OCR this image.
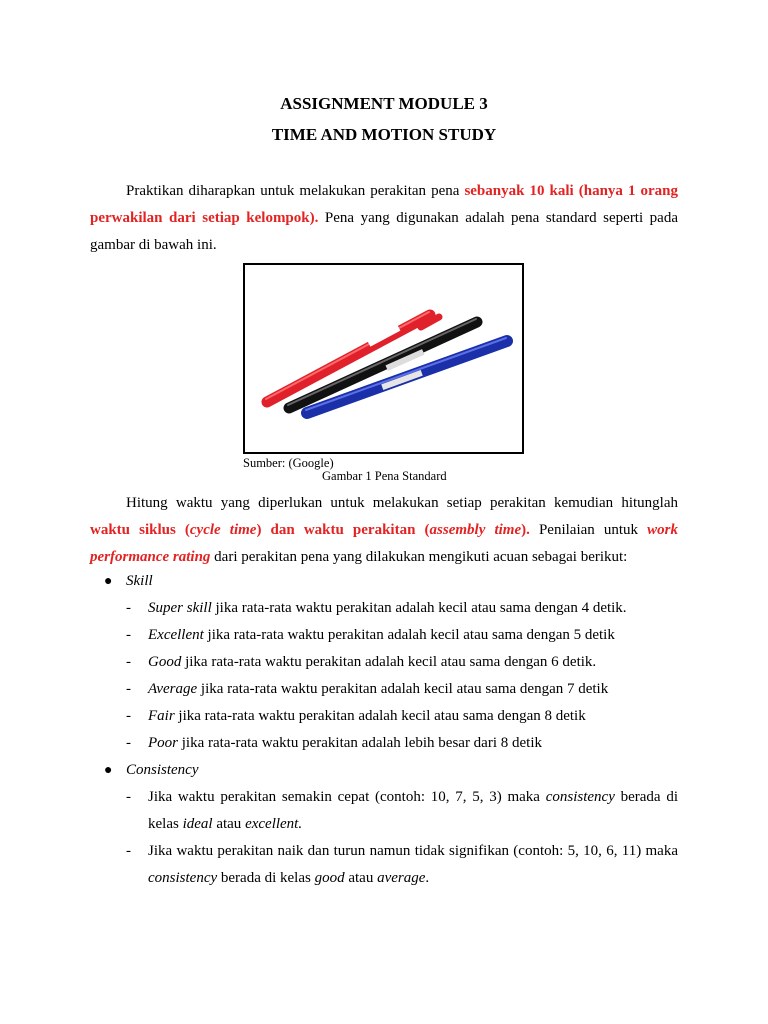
ASSIGNMENT MODULE 3
TIME AND MOTION STUDY
Praktikan diharapkan untuk melakukan perakitan pena sebanyak 10 kali (hanya 1 orang perwakilan dari setiap kelompok). Pena yang digunakan adalah pena standard seperti pada gambar di bawah ini.
Sumber: (Google)
Gambar 1 Pena Standard
Hitung waktu yang diperlukan untuk melakukan setiap perakitan kemudian hitunglah waktu siklus (cycle time) dan waktu perakitan (assembly time). Penilaian untuk work performance rating dari perakitan pena yang dilakukan mengikuti acuan sebagai berikut:
● Skill
- Super skill jika rata-rata waktu perakitan adalah kecil atau sama dengan 4 detik.
- Excellent jika rata-rata waktu perakitan adalah kecil atau sama dengan 5 detik
- Good jika rata-rata waktu perakitan adalah kecil atau sama dengan 6 detik.
- Average jika rata-rata waktu perakitan adalah kecil atau sama dengan 7 detik
- Fair jika rata-rata waktu perakitan adalah kecil atau sama dengan 8 detik
- Poor jika rata-rata waktu perakitan adalah lebih besar dari 8 detik
● Consistency
- Jika waktu perakitan semakin cepat (contoh: 10, 7, 5, 3) maka consistency berada di kelas ideal atau excellent.
- Jika waktu perakitan naik dan turun namun tidak signifikan (contoh: 5, 10, 6, 11) maka consistency berada di kelas good atau average.
